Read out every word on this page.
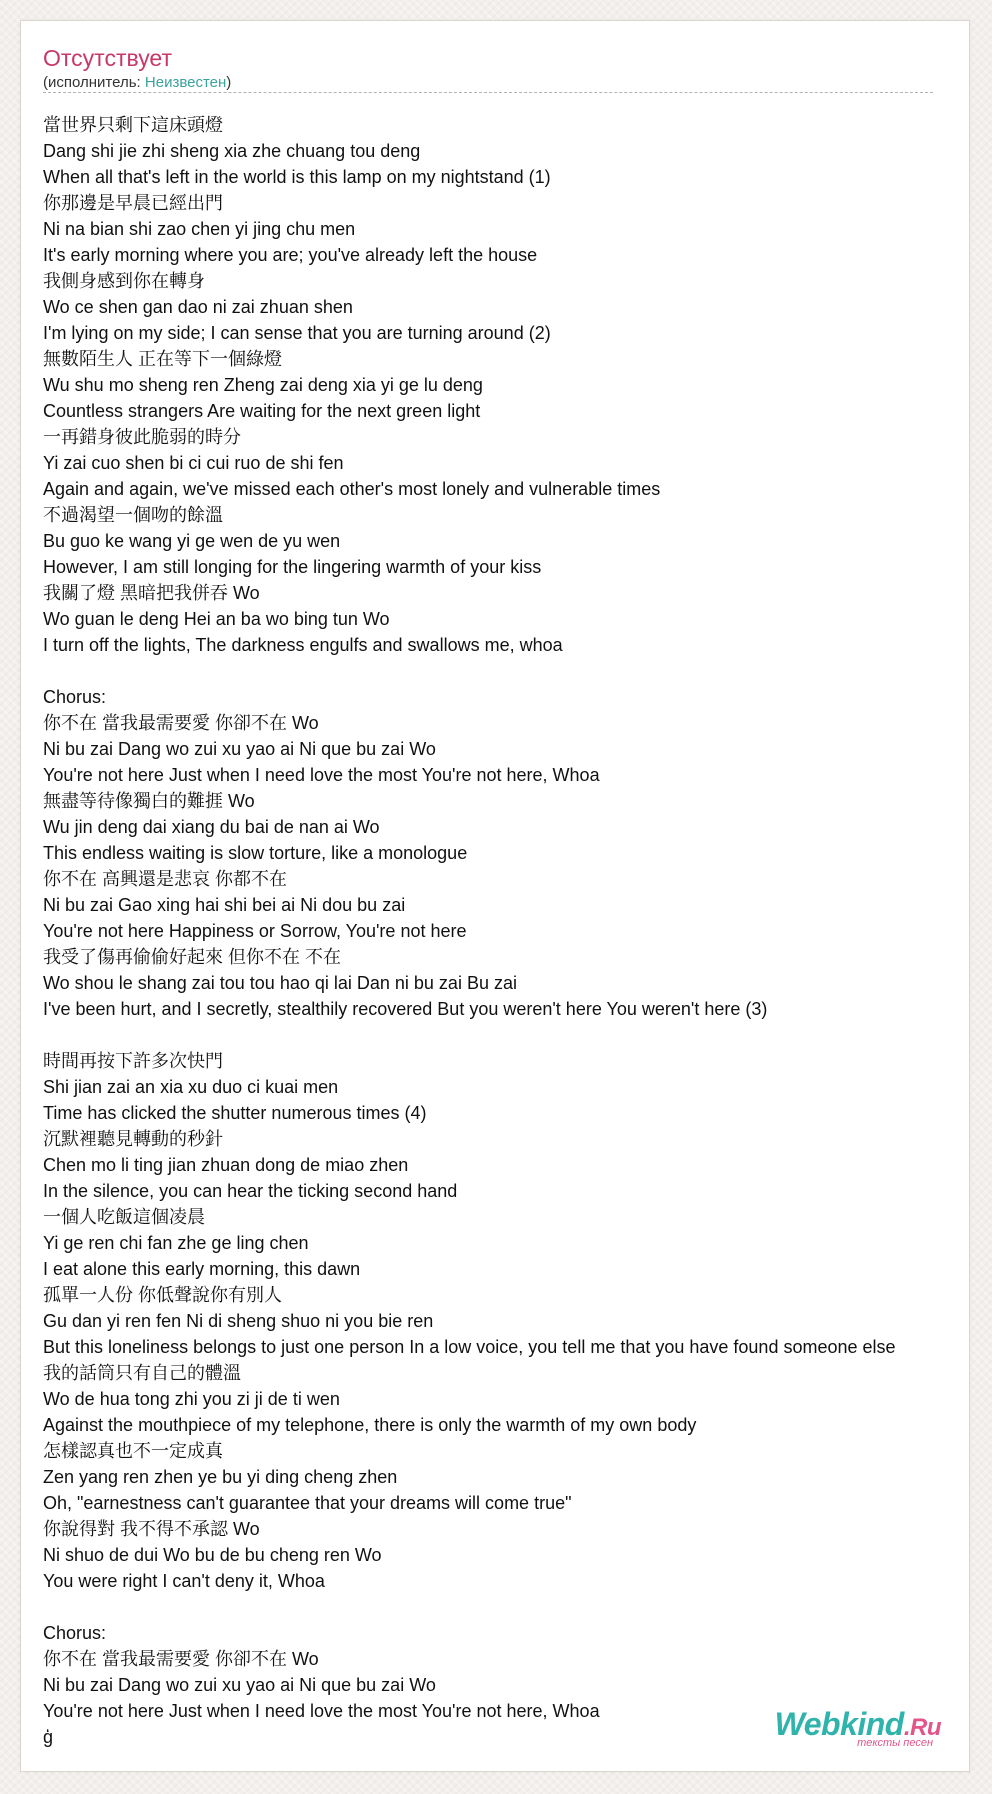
Отсутствует
(исполнитель: Неизвестен)
當世界只剩下這床頭燈
Dang shi jie zhi sheng xia zhe chuang tou deng
When all that's left in the world is this lamp on my nightstand (1)
你那邊是早晨已經出門
Ni na bian shi zao chen yi jing chu men
It's early morning where you are; you've already left the house
我側身感到你在轉身
Wo ce shen gan dao ni zai zhuan shen
I'm lying on my side; I can sense that you are turning around (2)
無數陌生人 正在等下一個綠燈
Wu shu mo sheng ren Zheng zai deng xia yi ge lu deng
Countless strangers Are waiting for the next green light
一再錯身彼此脆弱的時分
Yi zai cuo shen bi ci cui ruo de shi fen
Again and again, we've missed each other's most lonely and vulnerable times
不過渴望一個吻的餘溫
Bu guo ke wang yi ge wen de yu wen
However, I am still longing for the lingering warmth of your kiss
我關了燈 黑暗把我併吞 Wo
Wo guan le deng Hei an ba wo bing tun Wo
I turn off the lights, The darkness engulfs and swallows me, whoa
Chorus:
你不在 當我最需要愛 你卻不在 Wo
Ni bu zai Dang wo zui xu yao ai Ni que bu zai Wo
You're not here Just when I need love the most You're not here, Whoa
無盡等待像獨白的難捱 Wo
Wu jin deng dai xiang du bai de nan ai Wo
This endless waiting is slow torture, like a monologue
你不在 高興還是悲哀 你都不在
Ni bu zai Gao xing hai shi bei ai Ni dou bu zai
You're not here Happiness or Sorrow, You're not here
我受了傷再偷偷好起來 但你不在 不在
Wo shou le shang zai tou tou hao qi lai Dan ni bu zai Bu zai
I've been hurt, and I secretly, stealthily recovered But you weren't here You weren't here (3)
時間再按下許多次快門
Shi jian zai an xia xu duo ci kuai men
Time has clicked the shutter numerous times (4)
沉默裡聽見轉動的秒針
Chen mo li ting jian zhuan dong de miao zhen
In the silence, you can hear the ticking second hand
一個人吃飯這個凌晨
Yi ge ren chi fan zhe ge ling chen
I eat alone this early morning, this dawn
孤單一人份 你低聲說你有別人
Gu dan yi ren fen Ni di sheng shuo ni you bie ren
But this loneliness belongs to just one person In a low voice, you tell me that you have found someone else
我的話筒只有自己的體溫
Wo de hua tong zhi you zi ji de ti wen
Against the mouthpiece of my telephone, there is only the warmth of my own body
怎樣認真也不一定成真
Zen yang ren zhen ye bu yi ding cheng zhen
Oh, "earnestness can't guarantee that your dreams will come true"
你說得對 我不得不承認 Wo
Ni shuo de dui Wo bu de bu cheng ren Wo
You were right I can't deny it, Whoa
Chorus:
你不在 當我最需要愛 你卻不在 Wo
Ni bu zai Dang wo zui xu yao ai Ni que bu zai Wo
You're not here Just when I need love the most You're not here, Whoa
ģ	Webkind.Ru
тексты песен
